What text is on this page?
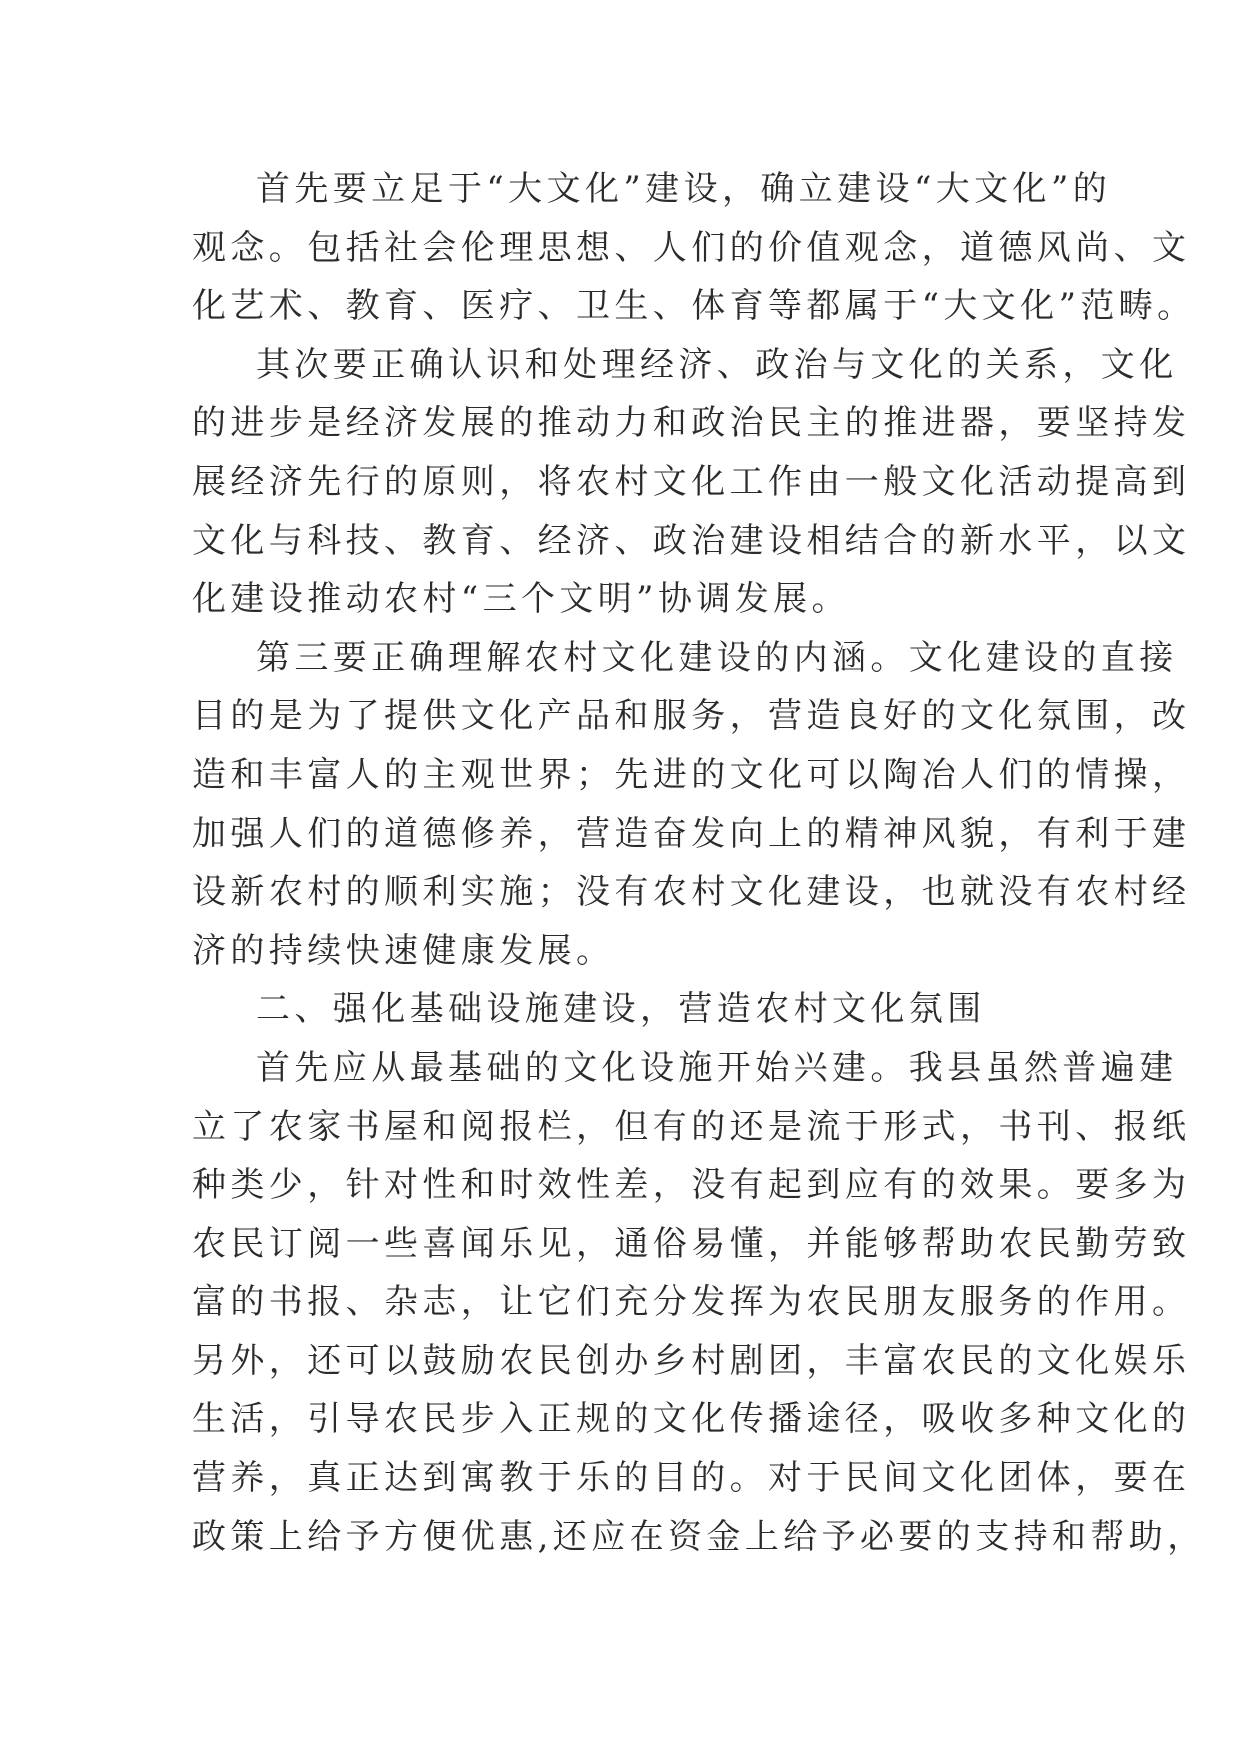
首先要立足于“大文化”建设，确立建设“大文化”的
观念。包括社会伦理思想、人们的价值观念，道德风尚、文
化艺术、教育、医疗、卫生、体育等都属于“大文化”范畴。
其次要正确认识和处理经济、政治与文化的关系，文化
的进步是经济发展的推动力和政治民主的推进器，要坚持发
展经济先行的原则，将农村文化工作由一般文化活动提高到
文化与科技、教育、经济、政治建设相结合的新水平，以文
化建设推动农村“三个文明”协调发展。
第三要正确理解农村文化建设的内涵。文化建设的直接
目的是为了提供文化产品和服务，营造良好的文化氛围，改
造和丰富人的主观世界；先进的文化可以陶冶人们的情操，
加强人们的道德修养，营造奋发向上的精神风貌，有利于建
设新农村的顺利实施；没有农村文化建设，也就没有农村经
济的持续快速健康发展。
二、强化基础设施建设，营造农村文化氛围
首先应从最基础的文化设施开始兴建。我县虽然普遍建
立了农家书屋和阅报栏，但有的还是流于形式，书刊、报纸
种类少，针对性和时效性差，没有起到应有的效果。要多为
农民订阅一些喜闻乐见，通俗易懂，并能够帮助农民勤劳致
富的书报、杂志，让它们充分发挥为农民朋友服务的作用。
另外，还可以鼓励农民创办乡村剧团，丰富农民的文化娱乐
生活，引导农民步入正规的文化传播途径，吸收多种文化的
营养，真正达到寓教于乐的目的。对于民间文化团体，要在
政策上给予方便优惠,还应在资金上给予必要的支持和帮助，
